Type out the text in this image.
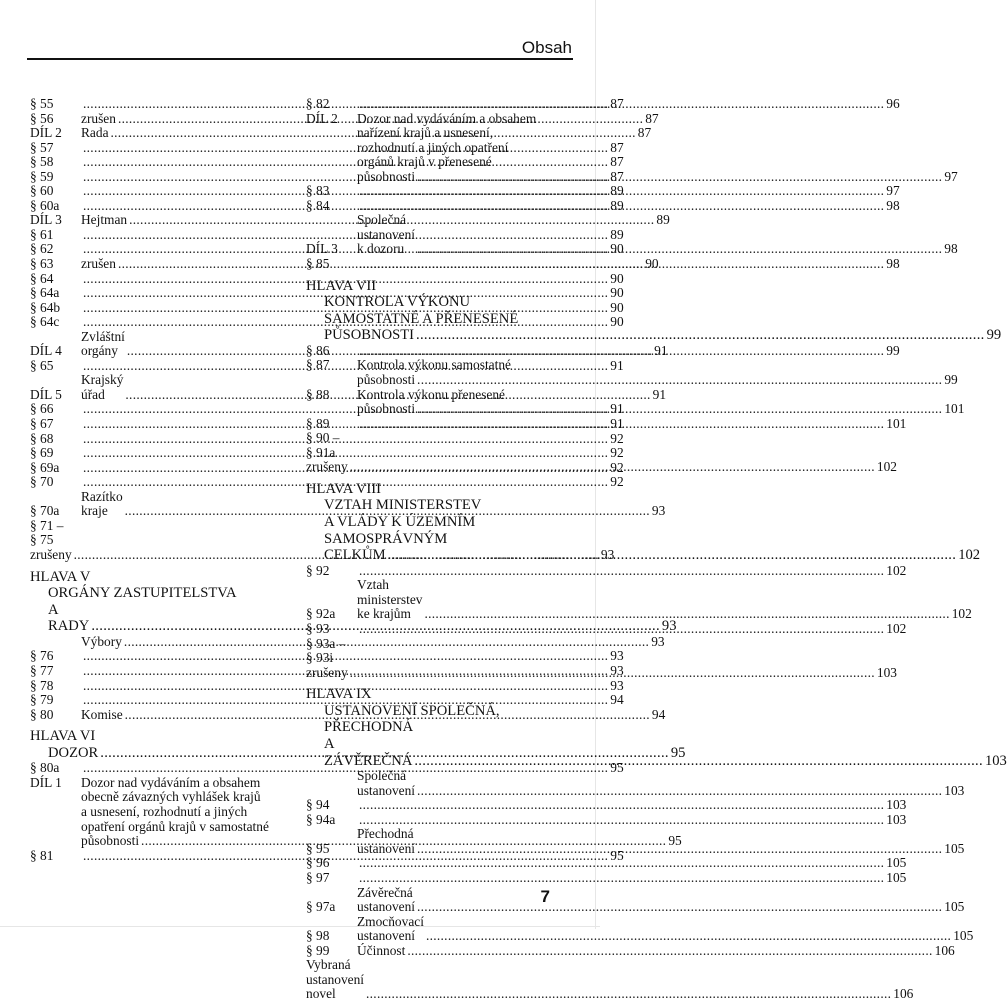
Obsah
§ 55 .....	87
§ 56	zrušen .....	87
DÍL 2	Rada .....	87
§ 57 .....	87
§ 58 .....	87
§ 59 .....	87
§ 60 .....	89
§ 60a .....	89
DÍL 3	Hejtman .....	89
§ 61 .....	89
§ 62 .....	90
§ 63	zrušen .....	90
§ 64 .....	90
§ 64a .....	90
§ 64b .....	90
§ 64c .....	90
DÍL 4
Zvláštní orgány .....	91
§ 65 .....	91
DÍL 5
Krajský úřad .....	91
§ 66 .....	91
§ 67 .....	91
§ 68 .....	92
§ 69 .....	92
§ 69a .....	92
§ 70 .....	92
§ 70a
Razítko kraje .....	93
§ 71 – § 75 zrušeny .....	93
HLAVA V
ORGÁNY ZASTUPITELSTVA
A RADY .....	93
Výbory .....	93
§ 76 .....	93
§ 77 .....	93
§ 78 .....	93
§ 79 .....	94
§ 80	Komise .....	94
HLAVA VI
DOZOR .....	95
§ 80a .....	95
DÍL 1	Dozor nad vydáváním a obsahem
obecně závazných vyhlášek krajů
a usnesení, rozhodnutí a jiných
opatření orgánů krajů v samostatné
působnosti .....	95
§ 81 .....	95
§ 82 .....	96
DÍL 2	Dozor nad vydáváním a obsahem
nařízení krajů a usnesení,
rozhodnutí a jiných opatření
orgánů krajů v přenesené
působnosti .....	97
§ 83 .....	97
§ 84 .....	98
DÍL 3
Společná ustanovení k dozoru .....	98
§ 85 .....	98
HLAVA VII
KONTROLA VÝKONU
SAMOSTATNÉ A PŘENESENÉ
PŮSOBNOSTI .....	99
§ 86 .....	99
§ 87	Kontrola výkonu samostatné
působnosti .....	99
§ 88	Kontrola výkonu přenesené
působnosti .....	101
§ 89 .....	101
§ 90 – § 91a zrušeny .....	102
HLAVA VIII
VZTAH MINISTERSTEV
A VLÁDY K ÚZEMNÍM
SAMOSPRÁVNÝM
CELKŮM .....	102
§ 92 .....	102
§ 92a
Vztah ministerstev ke krajům .....	102
§ 93 .....	102
§ 93a – § 93i zrušeny .....	103
HLAVA IX
USTANOVENÍ SPOLEČNÁ,
PŘECHODNÁ
A ZÁVĚREČNÁ .....	103
Společná ustanovení .....	103
§ 94 .....	103
§ 94a .....	103
§ 95
Přechodná ustanovení .....	105
§ 96 .....	105
§ 97 .....	105
§ 97a
Závěrečná ustanovení .....	105
§ 98
Zmocňovací ustanovení .....	105
§ 99	Účinnost .....	106
Vybraná ustanovení novel .....	106
7
